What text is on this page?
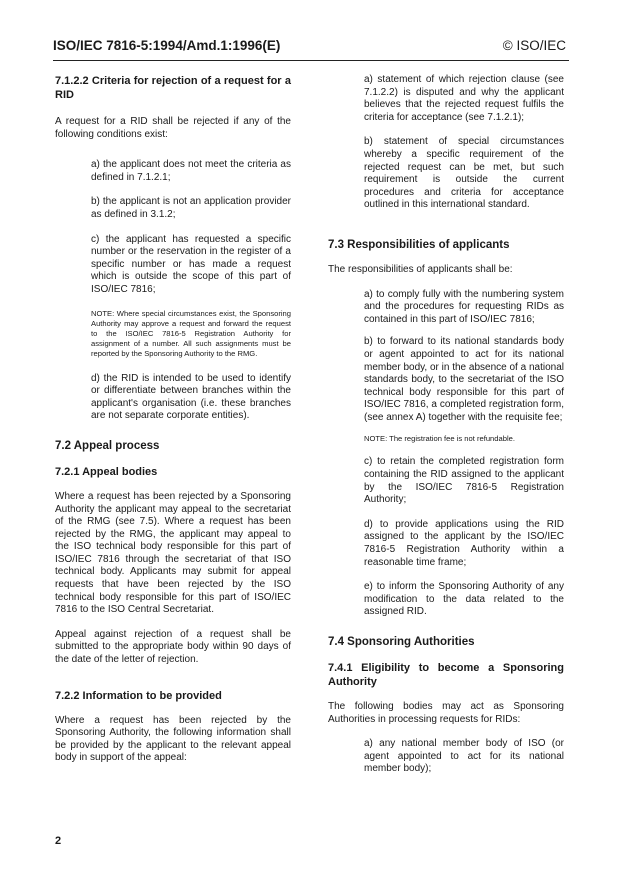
ISO/IEC 7816-5:1994/Amd.1:1996(E)	© ISO/IEC

7.1.2.2 Criteria for rejection of a request for a RID

A request for a RID shall be rejected if any of the following conditions exist:

a) the applicant does not meet the criteria as defined in 7.1.2.1;

b) the applicant is not an application provider as defined in 3.1.2;

c) the applicant has requested a specific number or the reservation in the register of a specific number or has made a request which is outside the scope of this part of ISO/IEC 7816;

NOTE: Where special circumstances exist, the Sponsoring Authority may approve a request and forward the request to the ISO/IEC 7816-5 Registration Authority for assignment of a number. All such assignments must be reported by the Sponsoring Authority to the RMG.

d) the RID is intended to be used to identify or differentiate between branches within the applicant's organisation (i.e. these branches are not separate corporate entities).

7.2 Appeal process

7.2.1 Appeal bodies

Where a request has been rejected by a Sponsoring Authority the applicant may appeal to the secretariat of the RMG (see 7.5). Where a request has been rejected by the RMG, the applicant may appeal to the ISO technical body responsible for this part of ISO/IEC 7816 through the secretariat of that ISO technical body. Applicants may submit for appeal requests that have been rejected by the ISO technical body responsible for this part of ISO/IEC 7816 to the ISO Central Secretariat.

Appeal against rejection of a request shall be submitted to the appropriate body within 90 days of the date of the letter of rejection.

7.2.2 Information to be provided

Where a request has been rejected by the Sponsoring Authority, the following information shall be provided by the applicant to the relevant appeal body in support of the appeal:

a) statement of which rejection clause (see 7.1.2.2) is disputed and why the applicant believes that the rejected request fulfils the criteria for acceptance (see 7.1.2.1);

b) statement of special circumstances whereby a specific requirement of the rejected request can be met, but such requirement is outside the current procedures and criteria for acceptance outlined in this international standard.

7.3 Responsibilities of applicants

The responsibilities of applicants shall be:

a) to comply fully with the numbering system and the procedures for requesting RIDs as contained in this part of ISO/IEC 7816;

b) to forward to its national standards body or agent appointed to act for its national member body, or in the absence of a national standards body, to the secretariat of the ISO technical body responsible for this part of ISO/IEC 7816, a completed registration form, (see annex A) together with the requisite fee;

NOTE: The registration fee is not refundable.

c) to retain the completed registration form containing the RID assigned to the applicant by the ISO/IEC 7816-5 Registration Authority;

d) to provide applications using the RID assigned to the applicant by the ISO/IEC 7816-5 Registration Authority within a reasonable time frame;

e) to inform the Sponsoring Authority of any modification to the data related to the assigned RID.

7.4 Sponsoring Authorities

7.4.1 Eligibility to become a Sponsoring Authority

The following bodies may act as Sponsoring Authorities in processing requests for RIDs:

a) any national member body of ISO (or agent appointed to act for its national member body);

2
